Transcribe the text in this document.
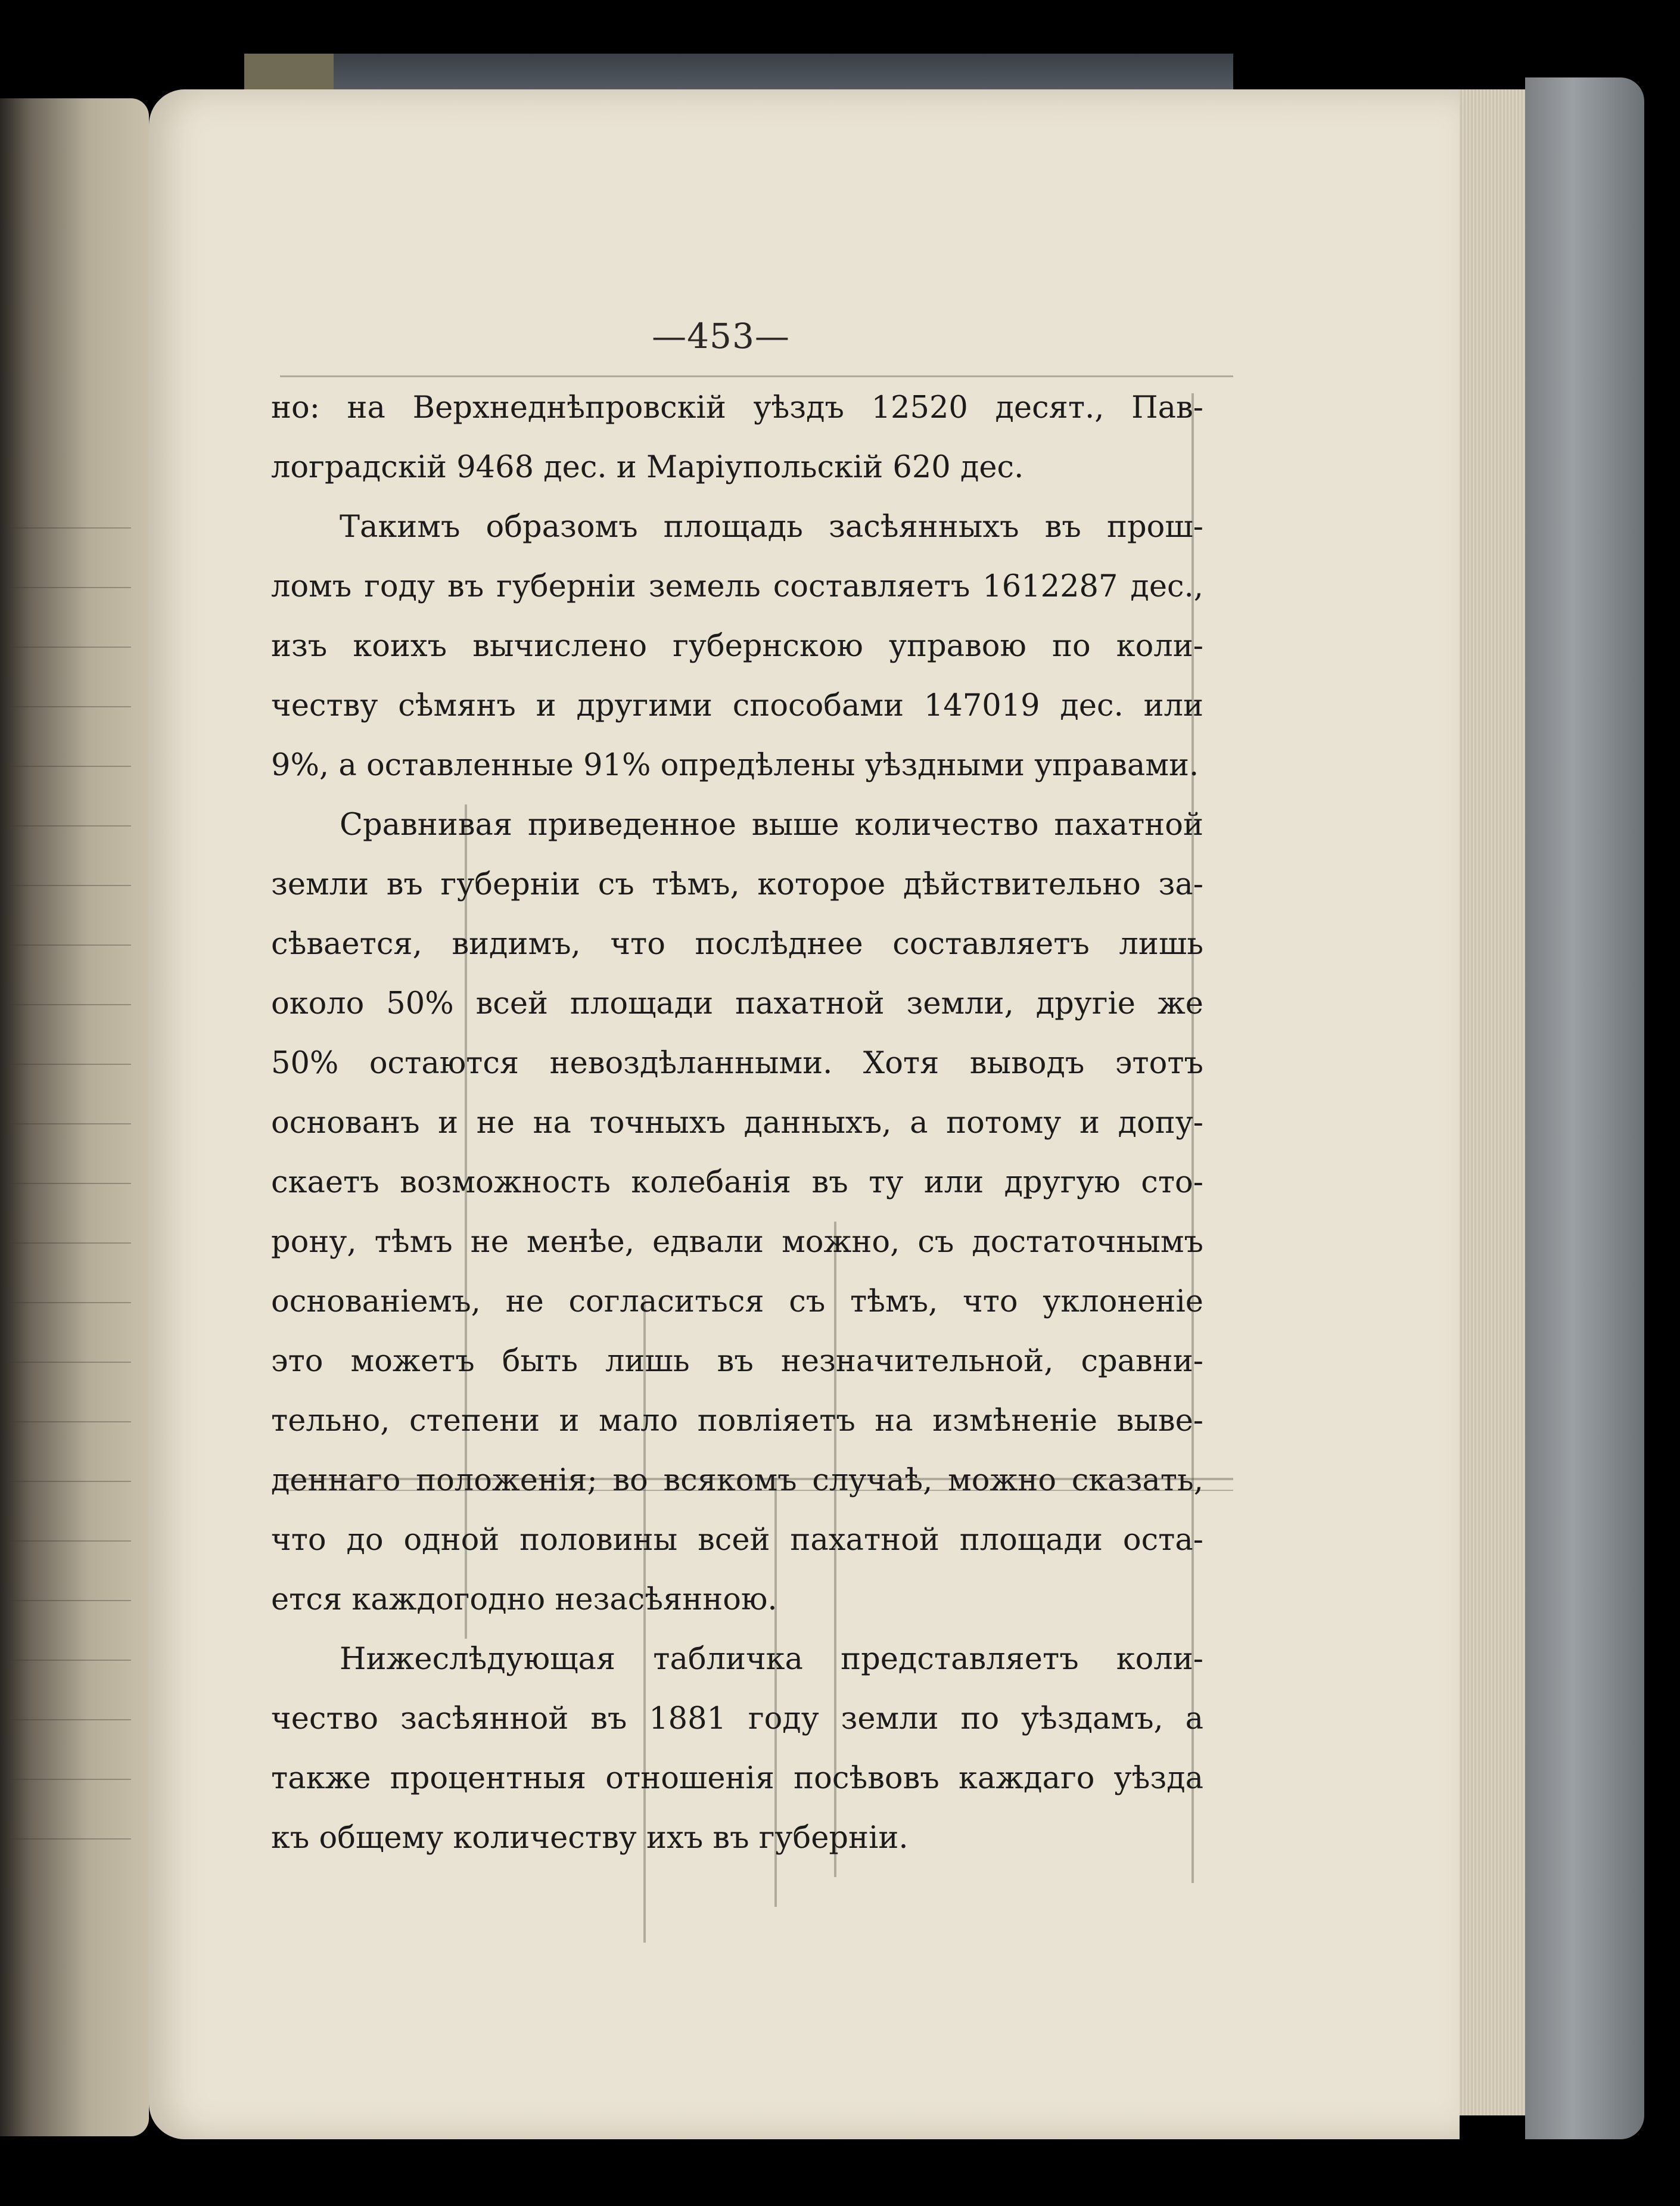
—453—
но: на Верхнеднѣпровскій уѣздъ 12520 десят., Пав-
лоградскій 9468 дес. и Маріупольскій 620 дес.
Такимъ образомъ площадь засѣянныхъ въ прош-
ломъ году въ губерніи земель составляетъ 1612287 дес.,
изъ коихъ вычислено губернскою управою по коли-
честву сѣмянъ и другими способами 147019 дес. или
9%, а оставленные 91% опредѣлены уѣздными управами.
Сравнивая приведенное выше количество пахатной
земли въ губерніи съ тѣмъ, которое дѣйствительно за-
сѣвается, видимъ, что послѣднее составляетъ лишь
около 50% всей площади пахатной земли, другіе же
50% остаются невоздѣланными. Хотя выводъ этотъ
основанъ и не на точныхъ данныхъ, а потому и допу-
скаетъ возможность колебанія въ ту или другую сто-
рону, тѣмъ не менѣе, едвали можно, съ достаточнымъ
основаніемъ, не согласиться съ тѣмъ, что уклоненіе
это можетъ быть лишь въ незначительной, сравни-
тельно, степени и мало повліяетъ на измѣненіе выве-
деннаго положенія; во всякомъ случаѣ, можно сказать,
что до одной половины всей пахатной площади оста-
ется каждогодно незасѣянною.
Нижеслѣдующая табличка представляетъ коли-
чество засѣянной въ 1881 году земли по уѣздамъ, а
также процентныя отношенія посѣвовъ каждаго уѣзда
къ общему количеству ихъ въ губерніи.
